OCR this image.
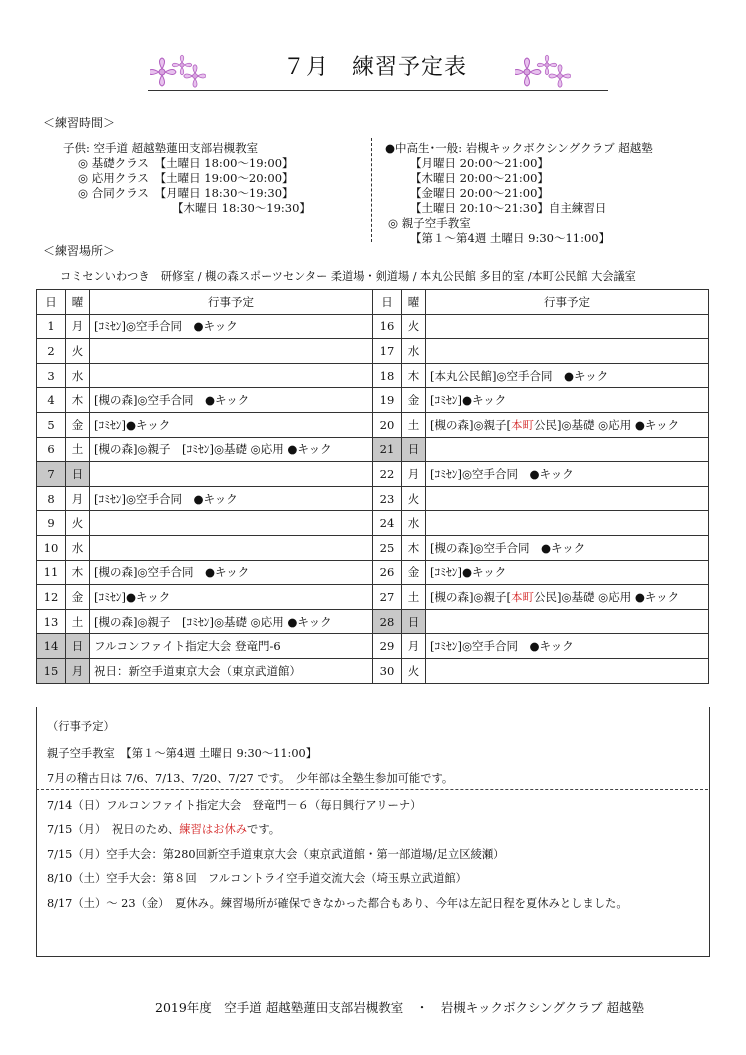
７月　練習予定表
＜練習時間＞
子供: 空手道 超越塾蓮田支部岩槻教室
◎ 基礎クラス　【土曜日 18:00～19:00】
◎ 応用クラス　【土曜日 19:00～20:00】
◎ 合同クラス　【月曜日 18:30～19:30】
【木曜日 18:30～19:30】
●中高生･一般: 岩槻キックボクシングクラブ 超越塾
【月曜日 20:00～21:00】
【木曜日 20:00～21:00】
【金曜日 20:00～21:00】
【土曜日 20:10～21:30】自主練習日
◎ 親子空手教室
【第１～第4週 土曜日 9:30～11:00】
＜練習場所＞
コミセンいわつき　研修室 / 槻の森スポーツセンター 柔道場・剣道場 / 本丸公民館 多目的室 /本町公民館 大会議室
日	曜	行事予定	日	曜	行事予定
1	月	[ｺﾐｾﾝ]◎空手合同　●キック	16	火	
2	火		17	水	
3	水		18	木	[本丸公民館]◎空手合同　●キック
4	木	[槻の森]◎空手合同　●キック	19	金	[ｺﾐｾﾝ]●キック
5	金	[ｺﾐｾﾝ]●キック	20	土	[槻の森]◎親子[本町公民]◎基礎 ◎応用 ●キック
6	土	[槻の森]◎親子　[ｺﾐｾﾝ]◎基礎 ◎応用 ●キック	21	日	
7	日		22	月	[ｺﾐｾﾝ]◎空手合同　●キック
8	月	[ｺﾐｾﾝ]◎空手合同　●キック	23	火	
9	火		24	水	
10	水		25	木	[槻の森]◎空手合同　●キック
11	木	[槻の森]◎空手合同　●キック	26	金	[ｺﾐｾﾝ]●キック
12	金	[ｺﾐｾﾝ]●キック	27	土	[槻の森]◎親子[本町公民]◎基礎 ◎応用 ●キック
13	土	[槻の森]◎親子　[ｺﾐｾﾝ]◎基礎 ◎応用 ●キック	28	日	
14	日	フルコンファイト指定大会 登竜門-6	29	月	[ｺﾐｾﾝ]◎空手合同　●キック
15	月	祝日：新空手道東京大会（東京武道館）	30	火	
（行事予定）
親子空手教室　【第１～第4週 土曜日 9:30～11:00】
7月の稽古日は 7/6、7/13、7/20、7/27 です。　少年部は全塾生参加可能です。
7/14（日）フルコンファイト指定大会　登竜門－６（毎日興行アリーナ）
7/15（月）　祝日のため、練習はお休みです。
7/15（月）空手大会：第280回新空手道東京大会（東京武道館・第一部道場/足立区綾瀬）
8/10（土）空手大会：第８回　フルコントライ空手道交流大会（埼玉県立武道館）
8/17（土）～ 23（金）　夏休み。練習場所が確保できなかった都合もあり、今年は左記日程を夏休みとしました。
2019年度　空手道 超越塾蓮田支部岩槻教室　・　岩槻キックボクシングクラブ 超越塾
